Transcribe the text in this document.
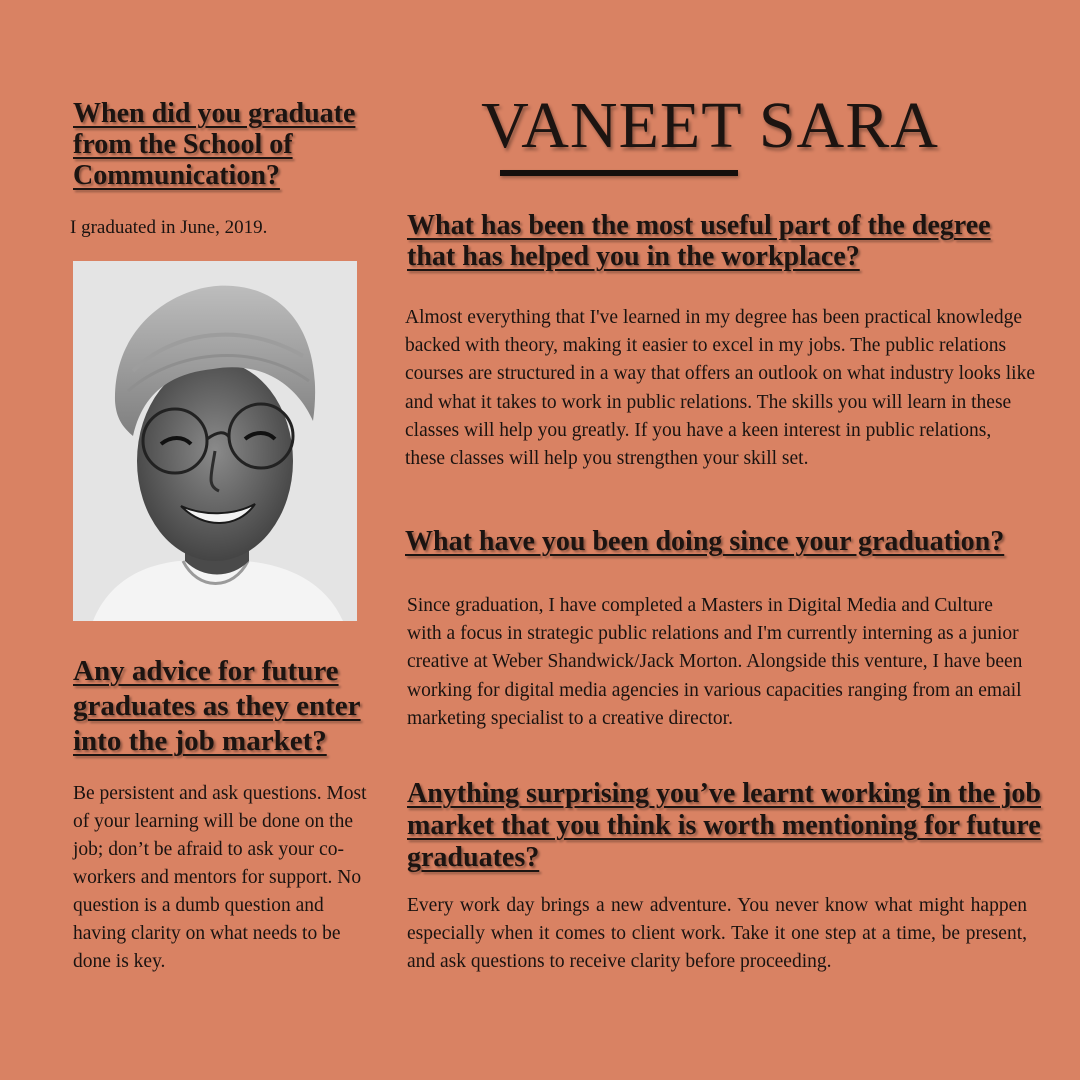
VANEET SARA
When did you graduate from the School of Communication?

I graduated in June, 2019.

Any advice for future graduates as they enter into the job market?

Be persistent and ask questions. Most of your learning will be done on the job; don’t be afraid to ask your co-workers and mentors for support. No question is a dumb question and having clarity on what needs to be done is key.

What has been the most useful part of the degree that has helped you in the workplace?

Almost everything that I've learned in my degree has been practical knowledge backed with theory, making it easier to excel in my jobs. The public relations courses are structured in a way that offers an outlook on what industry looks like and what it takes to work in public relations. The skills you will learn in these classes will help you greatly. If you have a keen interest in public relations, these classes will help you strengthen your skill set.

What have you been doing since your graduation?

Since graduation, I have completed a Masters in Digital Media and Culture with a focus in strategic public relations and I'm currently interning as a junior creative at Weber Shandwick/Jack Morton. Alongside this venture, I have been working for digital media agencies in various capacities ranging from an email marketing specialist to a creative director.

Anything surprising you’ve learnt working in the job market that you think is worth mentioning for future graduates?

Every work day brings a new adventure. You never know what might happen especially when it comes to client work. Take it one step at a time, be present, and ask questions to receive clarity before proceeding.
